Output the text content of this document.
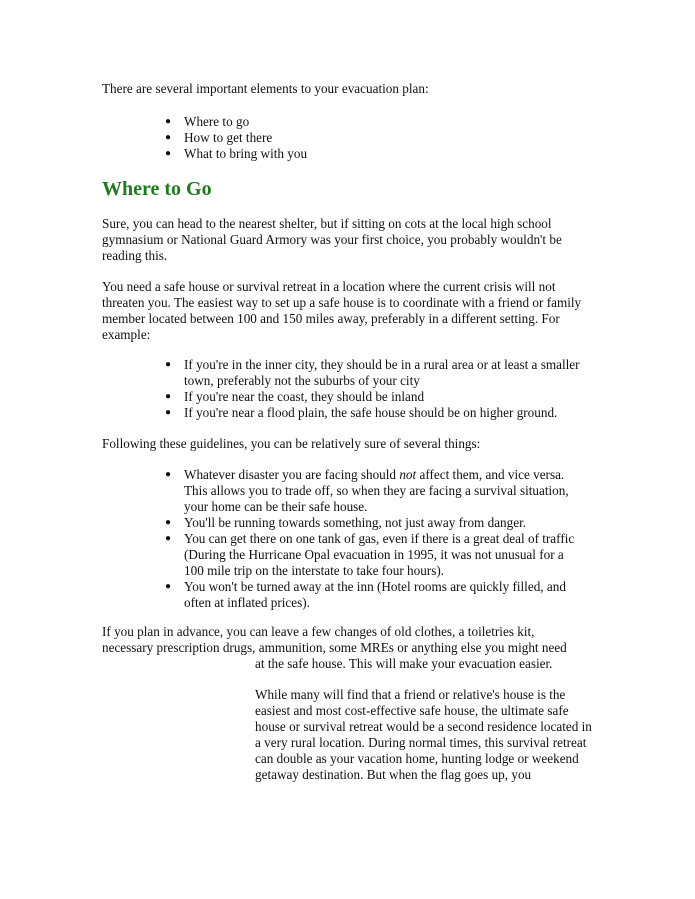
There are several important elements to your evacuation plan:

● Where to go
● How to get there
● What to bring with you
Where to Go

Sure, you can head to the nearest shelter, but if sitting on cots at the local high school gymnasium or National Guard Armory was your first choice, you probably wouldn't be reading this.

You need a safe house or survival retreat in a location where the current crisis will not threaten you. The easiest way to set up a safe house is to coordinate with a friend or family member located between 100 and 150 miles away, preferably in a different setting. For example:

● If you're in the inner city, they should be in a rural area or at least a smaller town, preferably not the suburbs of your city
● If you're near the coast, they should be inland
● If you're near a flood plain, the safe house should be on higher ground.

Following these guidelines, you can be relatively sure of several things:

● Whatever disaster you are facing should not affect them, and vice versa. This allows you to trade off, so when they are facing a survival situation, your home can be their safe house.
● You'll be running towards something, not just away from danger.
● You can get there on one tank of gas, even if there is a great deal of traffic (During the Hurricane Opal evacuation in 1995, it was not unusual for a 100 mile trip on the interstate to take four hours).
● You won't be turned away at the inn (Hotel rooms are quickly filled, and often at inflated prices).

If you plan in advance, you can leave a few changes of old clothes, a toiletries kit,
necessary prescription drugs, ammunition, some MREs or anything else you might need
at the safe house. This will make your evacuation easier.

While many will find that a friend or relative's house is the easiest and most cost-effective safe house, the ultimate safe house or survival retreat would be a second residence located in a very rural location. During normal times, this survival retreat can double as your vacation home, hunting lodge or weekend getaway destination. But when the flag goes up, you
